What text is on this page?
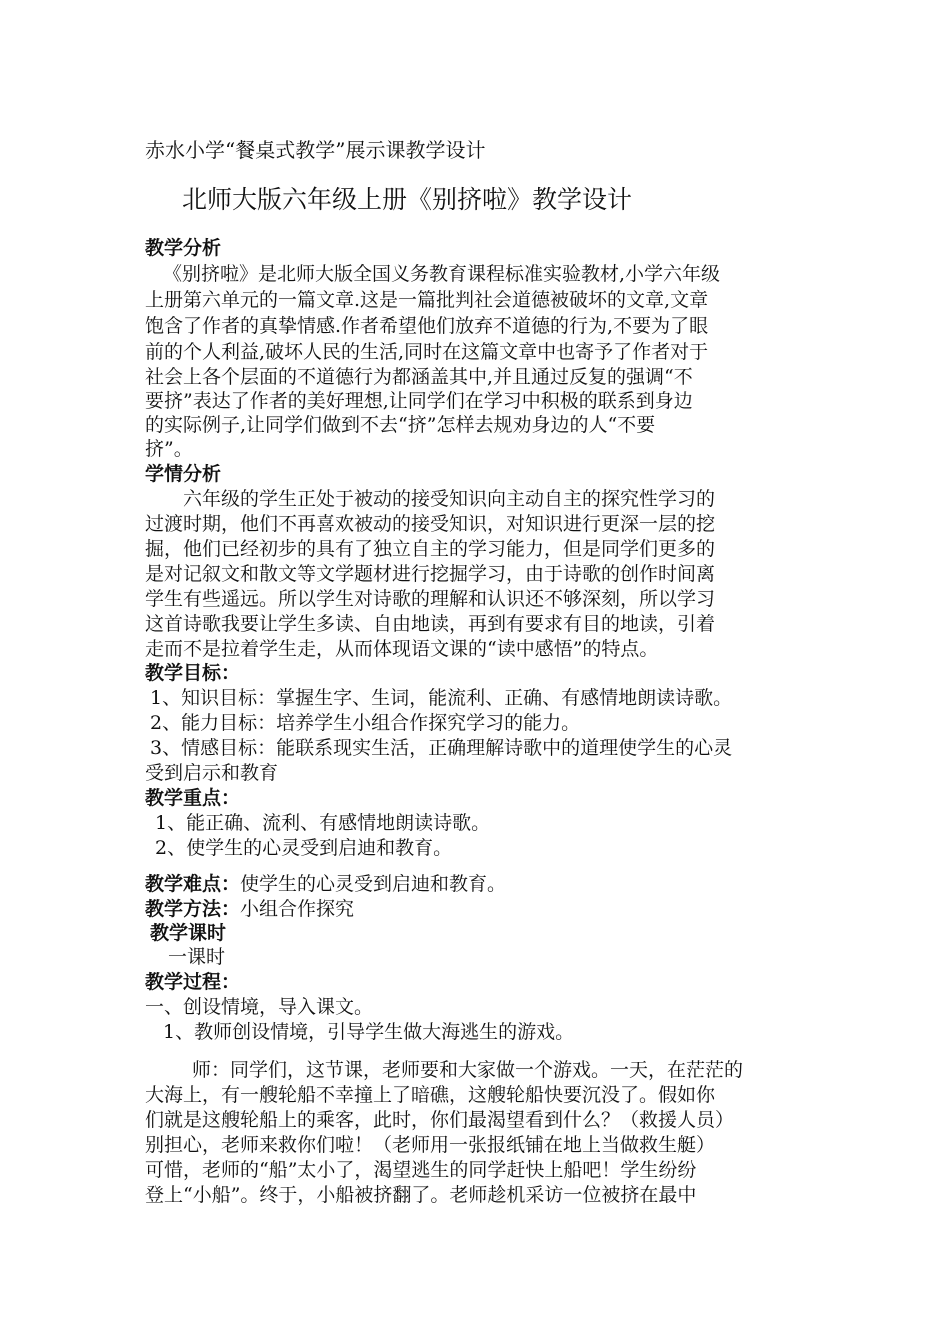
赤水小学“餐桌式教学”展示课教学设计
北师大版六年级上册《别挤啦》教学设计
教学分析
《别挤啦》是北师大版全国义务教育课程标准实验教材,小学六年级
上册第六单元的一篇文章.这是一篇批判社会道德被破坏的文章,文章
饱含了作者的真挚情感.作者希望他们放弃不道德的行为,不要为了眼
前的个人利益,破坏人民的生活,同时在这篇文章中也寄予了作者对于
社会上各个层面的不道德行为都涵盖其中,并且通过反复的强调“不
要挤”表达了作者的美好理想,让同学们在学习中积极的联系到身边
的实际例子,让同学们做到不去“挤”怎样去规劝身边的人“不要
挤”。
学情分析
六年级的学生正处于被动的接受知识向主动自主的探究性学习的
过渡时期，他们不再喜欢被动的接受知识，对知识进行更深一层的挖
掘，他们已经初步的具有了独立自主的学习能力，但是同学们更多的
是对记叙文和散文等文学题材进行挖掘学习，由于诗歌的创作时间离
学生有些遥远。所以学生对诗歌的理解和认识还不够深刻，所以学习
这首诗歌我要让学生多读、自由地读，再到有要求有目的地读，引着
走而不是拉着学生走，从而体现语文课的“读中感悟”的特点。
教学目标：
1、知识目标：掌握生字、生词，能流利、正确、有感情地朗读诗歌。
2、能力目标：培养学生小组合作探究学习的能力。
3、情感目标：能联系现实生活，正确理解诗歌中的道理使学生的心灵
受到启示和教育
教学重点：
1、能正确、流利、有感情地朗读诗歌。
2、使学生的心灵受到启迪和教育。
教学难点：使学生的心灵受到启迪和教育。
教学方法：小组合作探究
教学课时
一课时
教学过程：
一、创设情境，导入课文。
1、教师创设情境，引导学生做大海逃生的游戏。
师：同学们，这节课，老师要和大家做一个游戏。一天，在茫茫的
大海上，有一艘轮船不幸撞上了暗礁，这艘轮船快要沉没了。假如你
们就是这艘轮船上的乘客，此时，你们最渴望看到什么？（救援人员）
别担心，老师来救你们啦！（老师用一张报纸铺在地上当做救生艇）
可惜，老师的“船”太小了，渴望逃生的同学赶快上船吧！学生纷纷
登上“小船”。终于，小船被挤翻了。老师趁机采访一位被挤在最中
